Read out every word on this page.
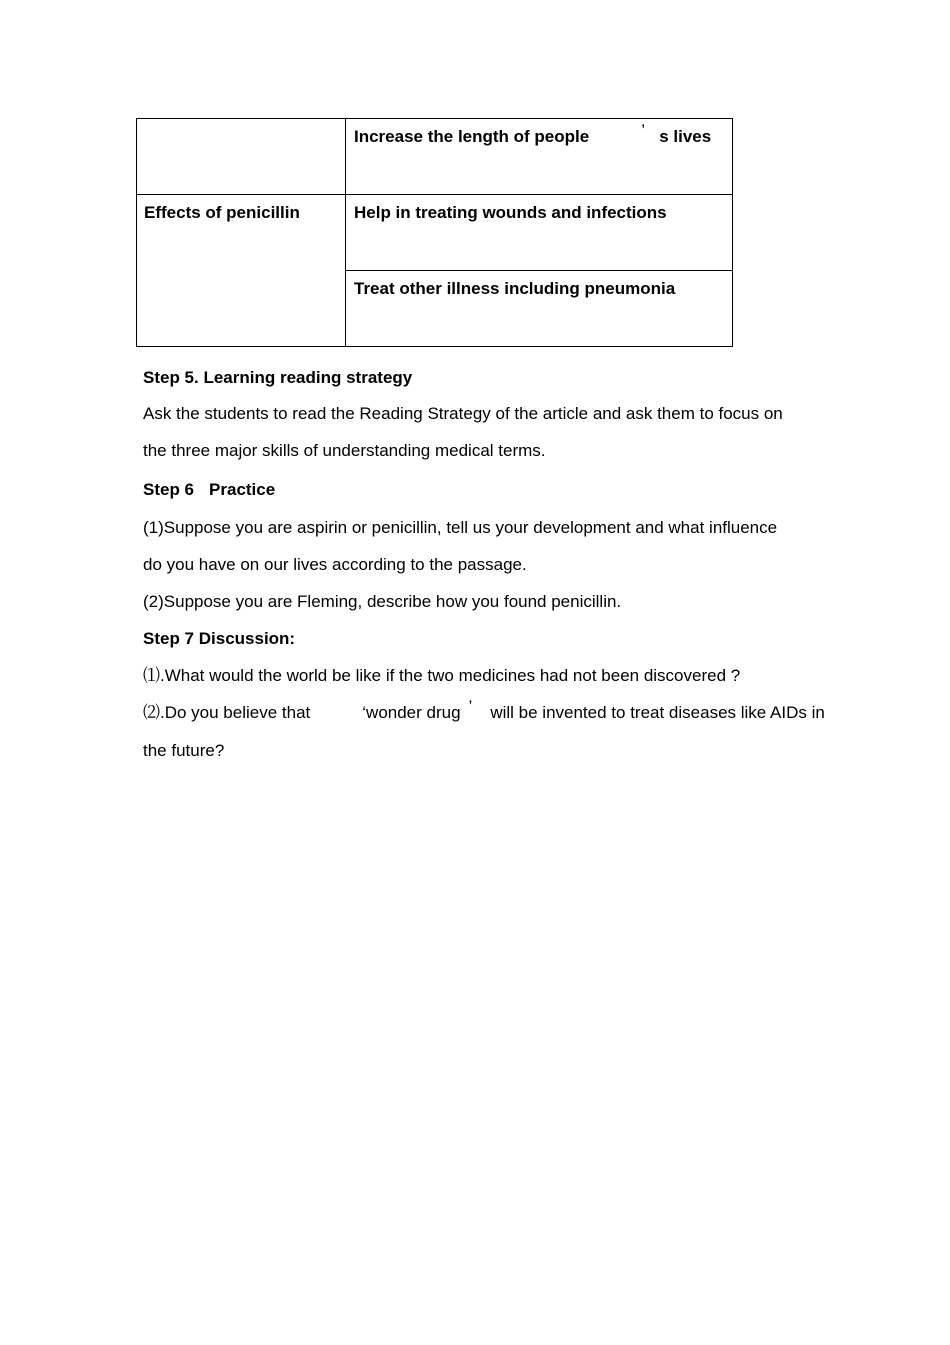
	Increase the length of people ’ s lives

Effects of penicillin	Help in treating wounds and infections
	Treat other illness including pneumonia
Step 5. Learning reading strategy
Ask the students to read the Reading Strategy of the article and ask them to focus on
the three major skills of understanding medical terms.
Step 6 Practice
(1)Suppose you are aspirin or penicillin, tell us your development and what influence
do you have on our lives according to the passage.
(2)Suppose you are Fleming, describe how you found penicillin.
Step 7 Discussion:
⑴.What would the world be like if the two medicines had not been discovered ?
⑵.Do you believe that	‘wonder drug ’ will be invented to treat diseases like AIDs in
the future?
